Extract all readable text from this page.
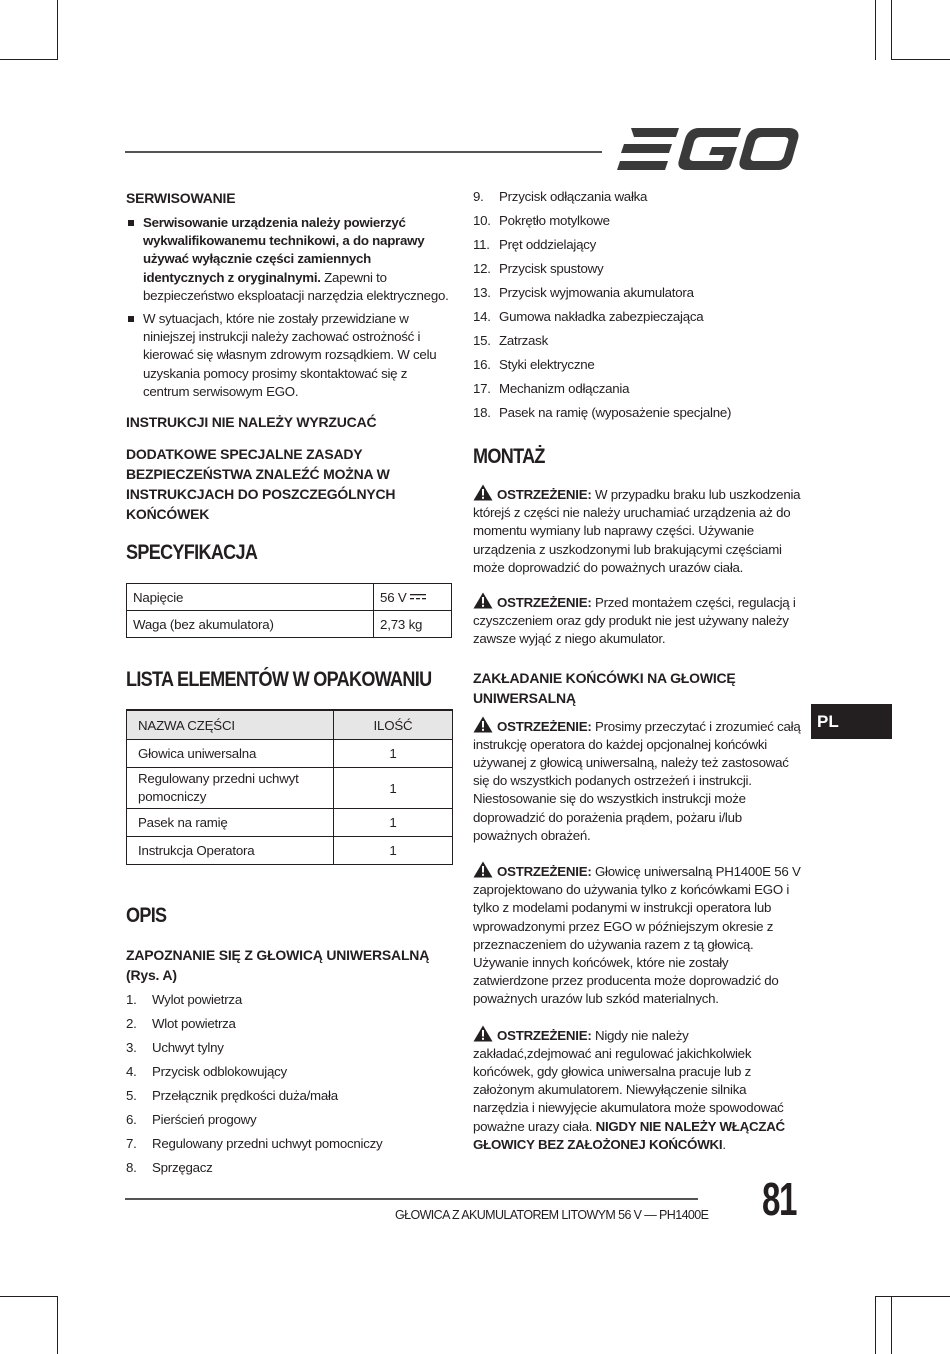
SERWISOWANIE
Serwisowanie urządzenia należy powierzyć wykwalifikowanemu technikowi, a do naprawy używać wyłącznie części zamiennych identycznych z oryginalnymi. Zapewni to bezpieczeństwo eksploatacji narzędzia elektrycznego.
W sytuacjach, które nie zostały przewidziane w niniejszej instrukcji należy zachować ostrożność i kierować się własnym zdrowym rozsądkiem. W celu uzyskania pomocy prosimy skontaktować się z centrum serwisowym EGO.
INSTRUKCJI NIE NALEŻY WYRZUCAĆ
DODATKOWE SPECJALNE ZASADY BEZPIECZEŃSTWA ZNALEŹĆ MOŻNA W INSTRUKCJACH DO POSZCZEGÓLNYCH KOŃCÓWEK
SPECYFIKACJA
Napięcie	56 V
Waga (bez akumulatora)	2,73 kg
LISTA ELEMENTÓW W OPAKOWANIU
NAZWA CZĘŚCI	ILOŚĆ
Głowica uniwersalna	1
Regulowany przedni uchwyt pomocniczy	1
Pasek na ramię	1
Instrukcja Operatora	1
OPIS
ZAPOZNANIE SIĘ Z GŁOWICĄ UNIWERSALNĄ (Rys. A)
1.	Wylot powietrza
2.	Wlot powietrza
3.	Uchwyt tylny
4.	Przycisk odblokowujący
5.	Przełącznik prędkości duża/mała
6.	Pierścień progowy
7.	Regulowany przedni uchwyt pomocniczy
8.	Sprzęgacz
9.	Przycisk odłączania wałka
10. Pokrętło motylkowe
11. Pręt oddzielający
12. Przycisk spustowy
13. Przycisk wyjmowania akumulatora
14. Gumowa nakładka zabezpieczająca
15. Zatrzask
16. Styki elektryczne
17. Mechanizm odłączania
18. Pasek na ramię (wyposażenie specjalne)
MONTAŻ

OSTRZEŻENIE: W przypadku braku lub uszkodzenia którejś z części nie należy uruchamiać urządzenia aż do momentu wymiany lub naprawy części. Używanie urządzenia z uszkodzonymi lub brakującymi częściami może doprowadzić do poważnych urazów ciała.

OSTRZEŻENIE: Przed montażem części, regulacją i czyszczeniem oraz gdy produkt nie jest używany należy zawsze wyjąć z niego akumulator.

ZAKŁADANIE KOŃCÓWKI NA GŁOWICĘ UNIWERSALNĄ

OSTRZEŻENIE: Prosimy przeczytać i zrozumieć całą instrukcję operatora do każdej opcjonalnej końcówki używanej z głowicą uniwersalną, należy też zastosować się do wszystkich podanych ostrzeżeń i instrukcji. Niestosowanie się do wszystkich instrukcji może doprowadzić do porażenia prądem, pożaru i/lub poważnych obrażeń.

OSTRZEŻENIE: Głowicę uniwersalną PH1400E 56 V zaprojektowano do używania tylko z końcówkami EGO i tylko z modelami podanymi w instrukcji operatora lub wprowadzonymi przez EGO w późniejszym okresie z przeznaczeniem do używania razem z tą głowicą. Używanie innych końcówek, które nie zostały zatwierdzone przez producenta może doprowadzić do poważnych urazów lub szkód materialnych.

OSTRZEŻENIE: Nigdy nie należy zakładać,zdejmować ani regulować jakichkolwiek końcówek, gdy głowica uniwersalna pracuje lub z założonym akumulatorem. Niewyłączenie silnika narzędzia i niewyjęcie akumulatora może spowodować poważne urazy ciała. NIGDY NIE NALEŻY WŁĄCZAĆ GŁOWICY BEZ ZAŁOŻONEJ KOŃCÓWKI.

PL
GŁOWICA Z AKUMULATOREM LITOWYM 56 V — PH1400E 81
